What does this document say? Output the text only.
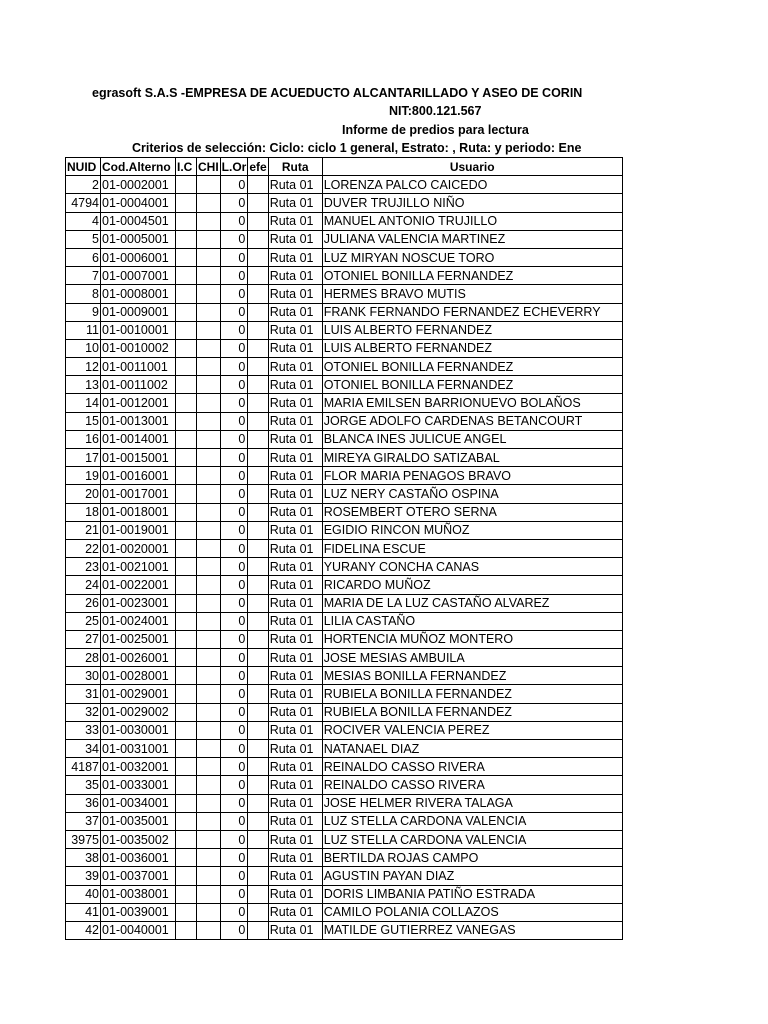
egrasoft S.A.S -EMPRESA DE ACUEDUCTO ALCANTARILLADO Y ASEO DE CORIN
NIT:800.121.567
Informe de predios para lectura
Criterios de selección: Ciclo: ciclo 1 general, Estrato: , Ruta: y periodo: Ene
NUID	Cod.Alterno	I.C	CHI	L.Or	efe	Ruta	Usuario
2	01-0002001			0		Ruta 01	LORENZA PALCO CAICEDO
4794	01-0004001			0		Ruta 01	DUVER TRUJILLO NIÑO
4	01-0004501			0		Ruta 01	MANUEL ANTONIO TRUJILLO
5	01-0005001			0		Ruta 01	JULIANA VALENCIA MARTINEZ
6	01-0006001			0		Ruta 01	LUZ MIRYAN NOSCUE TORO
7	01-0007001			0		Ruta 01	OTONIEL BONILLA FERNANDEZ
8	01-0008001			0		Ruta 01	HERMES BRAVO MUTIS
9	01-0009001			0		Ruta 01	FRANK FERNANDO FERNANDEZ ECHEVERRY
11	01-0010001			0		Ruta 01	LUIS ALBERTO FERNANDEZ
10	01-0010002			0		Ruta 01	LUIS ALBERTO FERNANDEZ
12	01-0011001			0		Ruta 01	OTONIEL BONILLA FERNANDEZ
13	01-0011002			0		Ruta 01	OTONIEL BONILLA FERNANDEZ
14	01-0012001			0		Ruta 01	MARIA EMILSEN BARRIONUEVO BOLAÑOS
15	01-0013001			0		Ruta 01	JORGE ADOLFO CARDENAS BETANCOURT
16	01-0014001			0		Ruta 01	BLANCA INES JULICUE ANGEL
17	01-0015001			0		Ruta 01	MIREYA GIRALDO SATIZABAL
19	01-0016001			0		Ruta 01	FLOR MARIA PENAGOS BRAVO
20	01-0017001			0		Ruta 01	LUZ NERY CASTAÑO OSPINA
18	01-0018001			0		Ruta 01	ROSEMBERT OTERO SERNA
21	01-0019001			0		Ruta 01	EGIDIO RINCON MUÑOZ
22	01-0020001			0		Ruta 01	FIDELINA ESCUE
23	01-0021001			0		Ruta 01	YURANY CONCHA CANAS
24	01-0022001			0		Ruta 01	RICARDO MUÑOZ
26	01-0023001			0		Ruta 01	MARIA DE LA LUZ CASTAÑO ALVAREZ
25	01-0024001			0		Ruta 01	LILIA CASTAÑO
27	01-0025001			0		Ruta 01	HORTENCIA MUÑOZ MONTERO
28	01-0026001			0		Ruta 01	JOSE MESIAS AMBUILA
30	01-0028001			0		Ruta 01	MESIAS BONILLA FERNANDEZ
31	01-0029001			0		Ruta 01	RUBIELA BONILLA FERNANDEZ
32	01-0029002			0		Ruta 01	RUBIELA BONILLA FERNANDEZ
33	01-0030001			0		Ruta 01	ROCIVER VALENCIA PEREZ
34	01-0031001			0		Ruta 01	NATANAEL DIAZ
4187	01-0032001			0		Ruta 01	REINALDO CASSO RIVERA
35	01-0033001			0		Ruta 01	REINALDO CASSO RIVERA
36	01-0034001			0		Ruta 01	JOSE HELMER RIVERA TALAGA
37	01-0035001			0		Ruta 01	LUZ STELLA CARDONA VALENCIA
3975	01-0035002			0		Ruta 01	LUZ STELLA CARDONA VALENCIA
38	01-0036001			0		Ruta 01	BERTILDA ROJAS CAMPO
39	01-0037001			0		Ruta 01	AGUSTIN PAYAN DIAZ
40	01-0038001			0		Ruta 01	DORIS LIMBANIA PATIÑO ESTRADA
41	01-0039001			0		Ruta 01	CAMILO POLANIA COLLAZOS
42	01-0040001			0		Ruta 01	MATILDE GUTIERREZ VANEGAS
